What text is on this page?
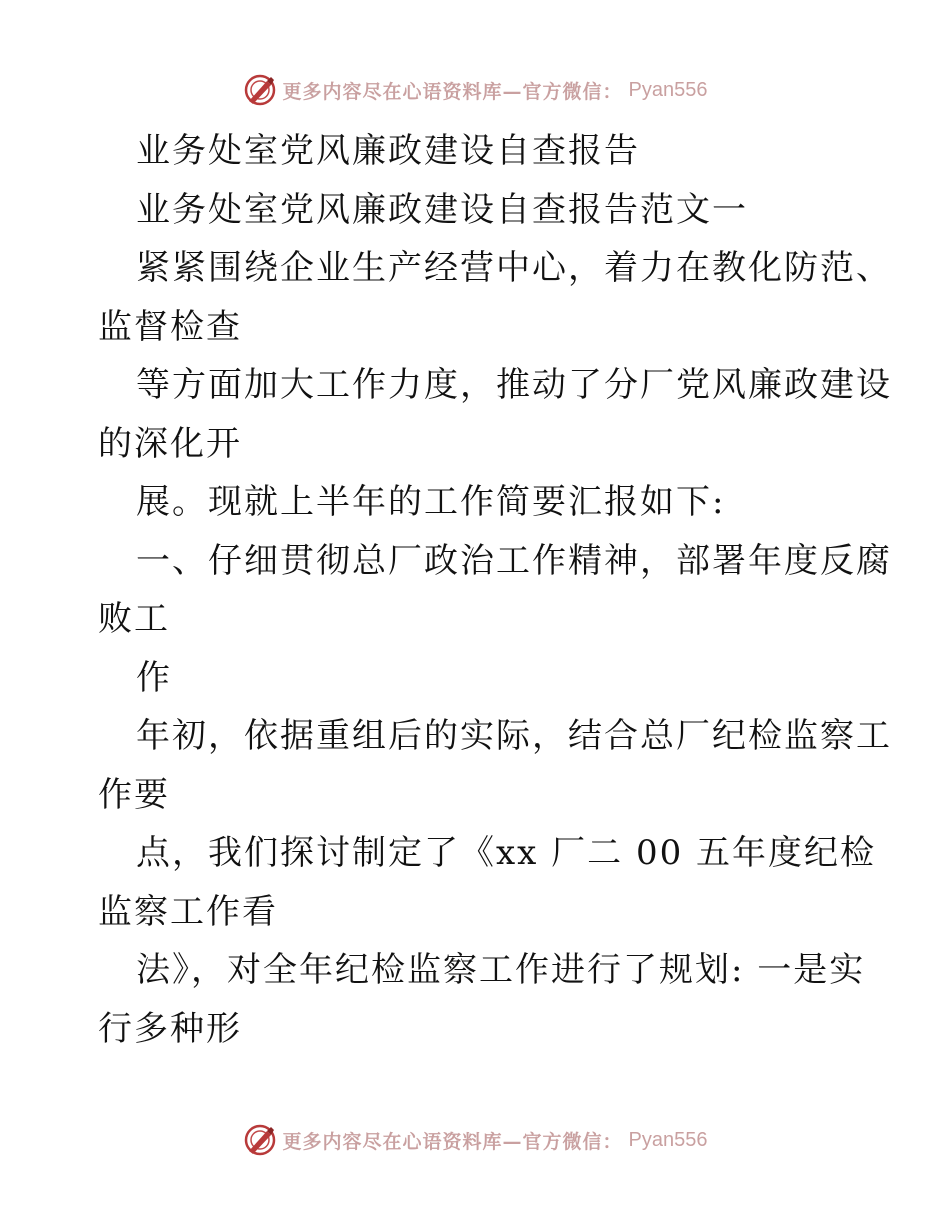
更多内容尽在心语资料库—官方微信： Pyan556
业务处室党风廉政建设自查报告
业务处室党风廉政建设自查报告范文一
紧紧围绕企业生产经营中心，着力在教化防范、
监督检查
等方面加大工作力度，推动了分厂党风廉政建设
的深化开
展。现就上半年的工作简要汇报如下:
一、仔细贯彻总厂政治工作精神，部署年度反腐
败工
作
年初，依据重组后的实际，结合总厂纪检监察工
作要
点，我们探讨制定了《xx 厂二 00 五年度纪检
监察工作看
法》，对全年纪检监察工作进行了规划: 一是实
行多种形
更多内容尽在心语资料库—官方微信： Pyan556
